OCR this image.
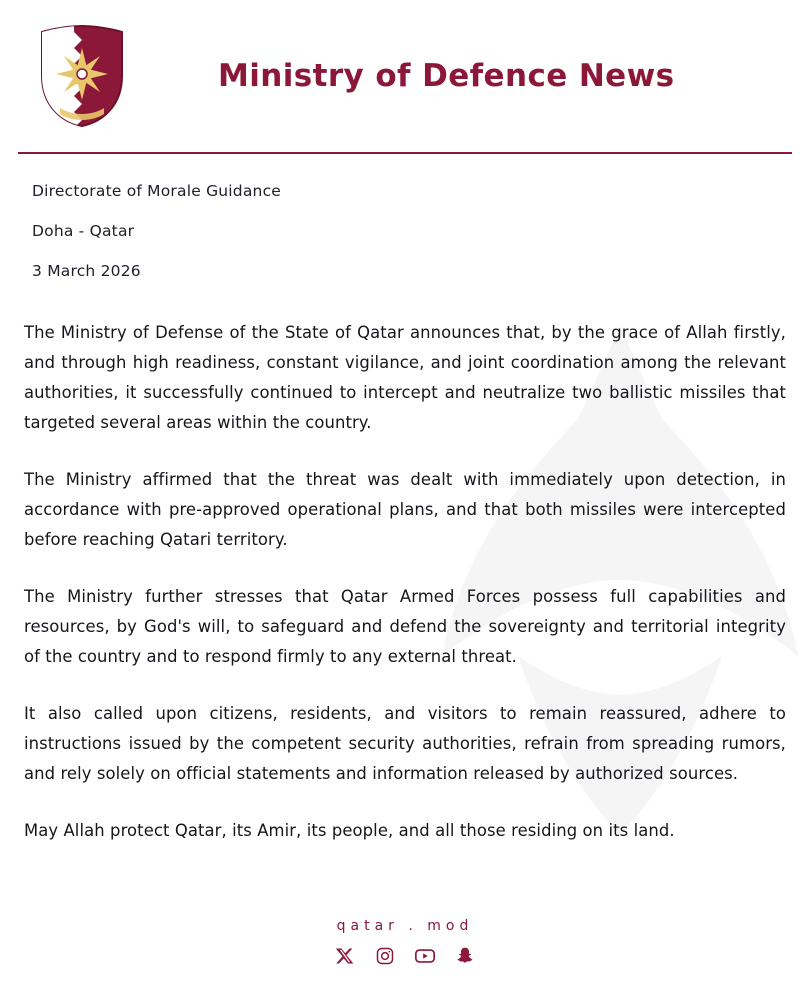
Ministry of Defence News
Directorate of Morale Guidance
Doha - Qatar
3 March 2026

The Ministry of Defense of the State of Qatar announces that, by the grace of Allah firstly, and through high readiness, constant vigilance, and joint coordination among the relevant authorities, it successfully continued to intercept and neutralize two ballistic missiles that targeted several areas within the country.

The Ministry affirmed that the threat was dealt with immediately upon detection, in accordance with pre-approved operational plans, and that both missiles were intercepted before reaching Qatari territory.

The Ministry further stresses that Qatar Armed Forces possess full capabilities and resources, by God's will, to safeguard and defend the sovereignty and territorial integrity of the country and to respond firmly to any external threat.

It also called upon citizens, residents, and visitors to remain reassured, adhere to instructions issued by the competent security authorities, refrain from spreading rumors, and rely solely on official statements and information released by authorized sources.

May Allah protect Qatar, its Amir, its people, and all those residing on its land.

qatar . mod
